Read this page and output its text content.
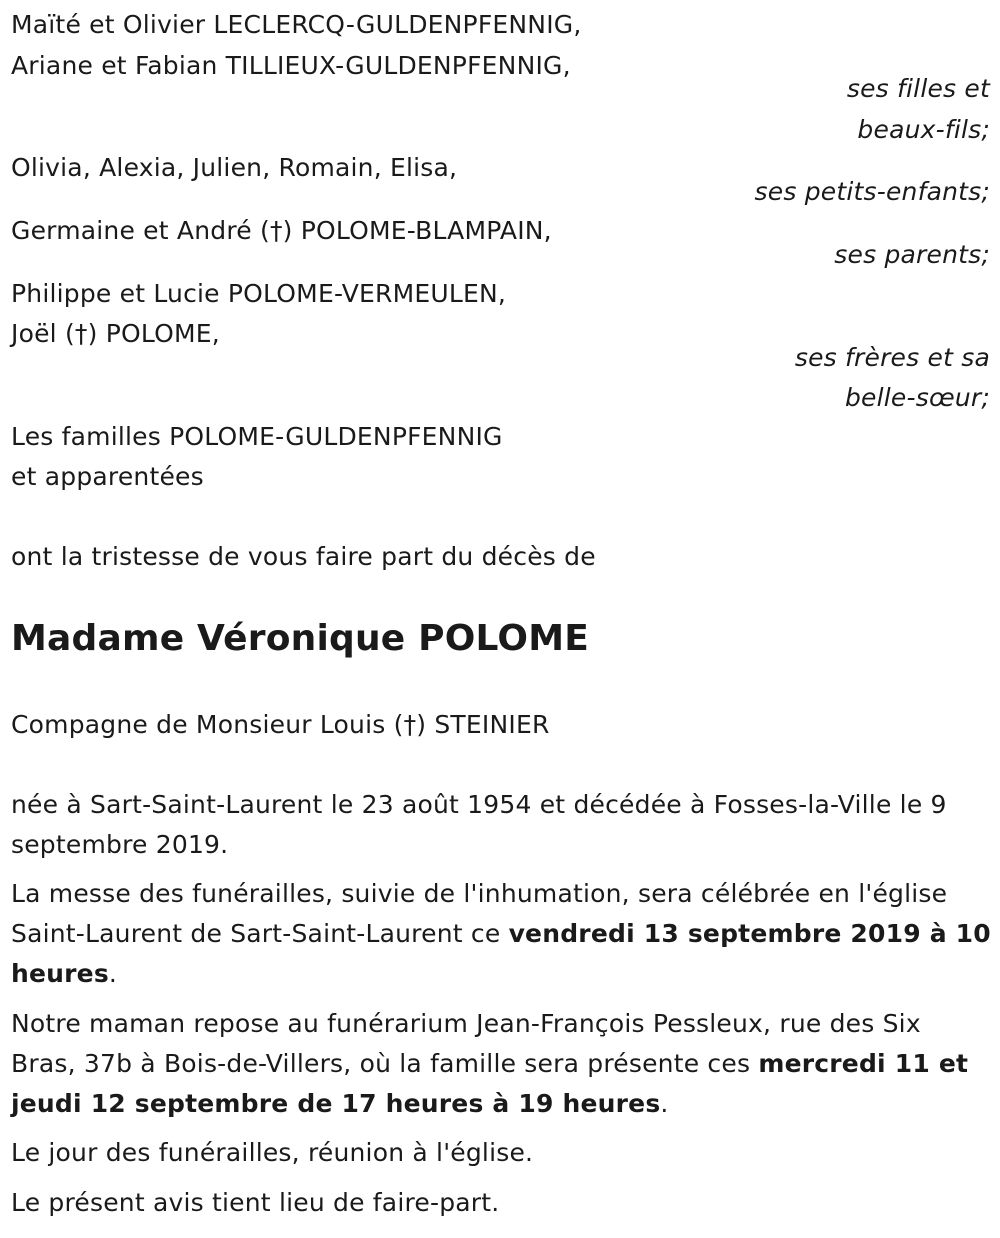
Maïté et Olivier LECLERCQ-GULDENPFENNIG,
Ariane et Fabian TILLIEUX-GULDENPFENNIG,
ses filles et
beaux-fils;
Olivia, Alexia, Julien, Romain, Elisa,
ses petits-enfants;
Germaine et André (†) POLOME-BLAMPAIN,
ses parents;
Philippe et Lucie POLOME-VERMEULEN,
Joël (†) POLOME,
ses frères et sa
belle-sœur;
Les familles POLOME-GULDENPFENNIG
et apparentées
ont la tristesse de vous faire part du décès de
Madame Véronique POLOME
Compagne de Monsieur Louis (†) STEINIER
née à Sart-Saint-Laurent le 23 août 1954 et décédée à Fosses-la-Ville le 9 septembre 2019.
La messe des funérailles, suivie de l'inhumation, sera célébrée en l'église Saint-Laurent de Sart-Saint-Laurent ce vendredi 13 septembre 2019 à 10 heures.
Notre maman repose au funérarium Jean-François Pessleux, rue des Six Bras, 37b à Bois-de-Villers, où la famille sera présente ces mercredi 11 et jeudi 12 septembre de 17 heures à 19 heures.
Le jour des funérailles, réunion à l'église.
Le présent avis tient lieu de faire-part.
